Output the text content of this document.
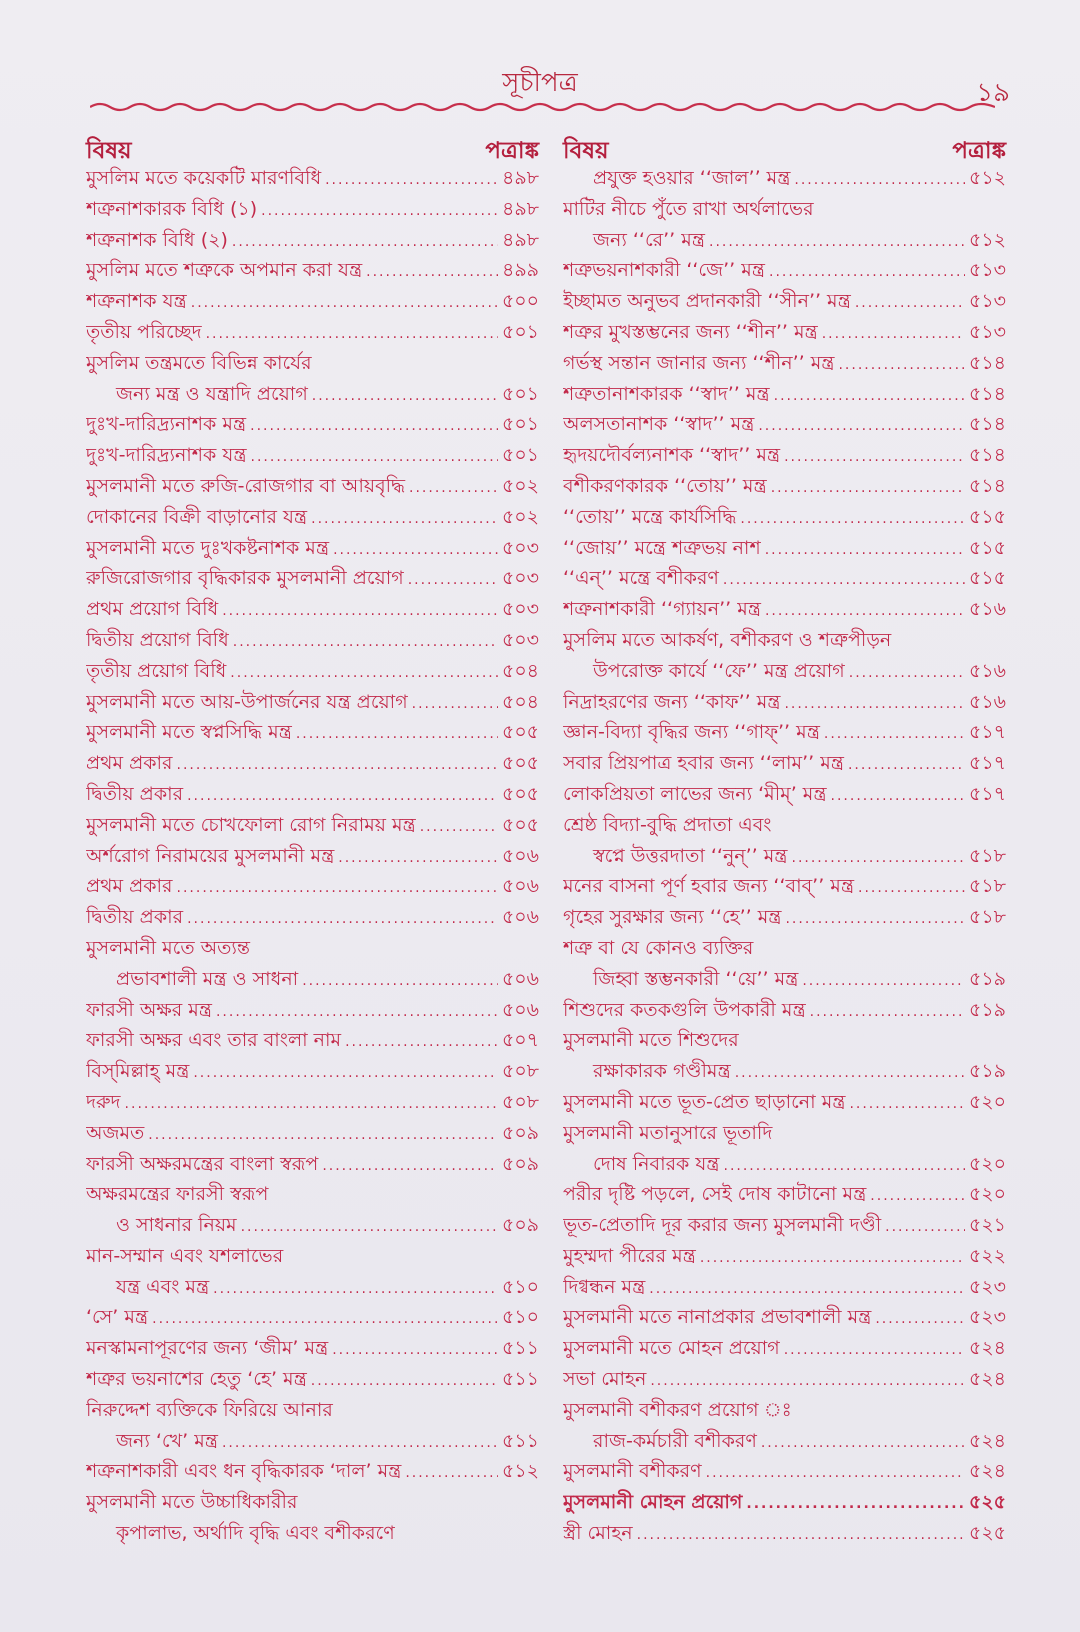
সূচীপত্র	১৯
বিষয়	পত্রাঙ্ক
মুসলিম মতে কয়েকটি মারণবিধি .....	৪৯৮
শত্রুনাশকারক বিধি (১) .....	৪৯৮
শত্রুনাশক বিধি (২) .....	৪৯৮
মুসলিম মতে শত্রুকে অপমান করা যন্ত্র .....	৪৯৯
শত্রুনাশক যন্ত্র .....	৫০০
তৃতীয় পরিচ্ছেদ .....	৫০১
মুসলিম তন্ত্রমতে বিভিন্ন কার্যের
জন্য মন্ত্র ও যন্ত্রাদি প্রয়োগ .....	৫০১
দুঃখ-দারিদ্র্যনাশক মন্ত্র .....	৫০১
দুঃখ-দারিদ্র্যনাশক যন্ত্র .....	৫০১
মুসলমানী মতে রুজি-রোজগার বা আয়বৃদ্ধি .....	৫০২
দোকানের বিক্রী বাড়ানোর যন্ত্র .....	৫০২
মুসলমানী মতে দুঃখকষ্টনাশক মন্ত্র .....	৫০৩
রুজিরোজগার বৃদ্ধিকারক মুসলমানী প্রয়োগ .....	৫০৩
প্রথম প্রয়োগ বিধি .....	৫০৩
দ্বিতীয় প্রয়োগ বিধি .....	৫০৩
তৃতীয় প্রয়োগ বিধি .....	৫০৪
মুসলমানী মতে আয়-উপার্জনের যন্ত্র প্রয়োগ .....	৫০৪
মুসলমানী মতে স্বপ্নসিদ্ধি মন্ত্র .....	৫০৫
প্রথম প্রকার .....	৫০৫
দ্বিতীয় প্রকার .....	৫০৫
মুসলমানী মতে চোখফোলা রোগ নিরাময় মন্ত্র .....	৫০৫
অর্শরোগ নিরাময়ের মুসলমানী মন্ত্র .....	৫০৬
প্রথম প্রকার .....	৫০৬
দ্বিতীয় প্রকার .....	৫০৬
মুসলমানী মতে অত্যন্ত
প্রভাবশালী মন্ত্র ও সাধনা .....	৫০৬
ফারসী অক্ষর মন্ত্র .....	৫০৬
ফারসী অক্ষর এবং তার বাংলা নাম .....	৫০৭
বিস্‌মিল্লাহ্ মন্ত্র .....	৫০৮
দরুদ .....	৫০৮
অজমত .....	৫০৯
ফারসী অক্ষরমন্ত্রের বাংলা স্বরূপ .....	৫০৯
অক্ষরমন্ত্রের ফারসী স্বরূপ
ও সাধনার নিয়ম .....	৫০৯
মান-সম্মান এবং যশলাভের
যন্ত্র এবং মন্ত্র .....	৫১০
‘সে’ মন্ত্র .....	৫১০
মনস্কামনাপূরণের জন্য ‘জীম’ মন্ত্র .....	৫১১
শত্রুর ভয়নাশের হেতু ‘হে’ মন্ত্র .....	৫১১
নিরুদ্দেশ ব্যক্তিকে ফিরিয়ে আনার
জন্য ‘খে’ মন্ত্র .....	৫১১
শত্রুনাশকারী এবং ধন বৃদ্ধিকারক ‘দাল’ মন্ত্র .....	৫১২
মুসলমানী মতে উচ্চাধিকারীর
কৃপালাভ, অর্থাদি বৃদ্ধি এবং বশীকরণে
বিষয়	পত্রাঙ্ক
প্রযুক্ত হওয়ার ‘‘জাল’’ মন্ত্র .....	৫১২
মাটির নীচে পুঁতে রাখা অর্থলাভের
জন্য ‘‘রে’’ মন্ত্র .....	৫১২
শত্রুভয়নাশকারী ‘‘জে’’ মন্ত্র .....	৫১৩
ইচ্ছামত অনুভব প্রদানকারী ‘‘সীন’’ মন্ত্র .....	৫১৩
শত্রুর মুখস্তম্ভনের জন্য ‘‘শীন’’ মন্ত্র .....	৫১৩
গর্ভস্থ সন্তান জানার জন্য ‘‘শীন’’ মন্ত্র .....	৫১৪
শত্রুতানাশকারক ‘‘স্বাদ’’ মন্ত্র .....	৫১৪
অলসতানাশক ‘‘স্বাদ’’ মন্ত্র .....	৫১৪
হৃদয়দৌর্বল্যনাশক ‘‘স্বাদ’’ মন্ত্র .....	৫১৪
বশীকরণকারক ‘‘তোয়’’ মন্ত্র .....	৫১৪
‘‘তোয়’’ মন্ত্রে কার্যসিদ্ধি .....	৫১৫
‘‘জোয়’’ মন্ত্রে শত্রুভয় নাশ .....	৫১৫
‘‘এন্’’ মন্ত্রে বশীকরণ .....	৫১৫
শত্রুনাশকারী ‘‘গ্যায়ন’’ মন্ত্র .....	৫১৬
মুসলিম মতে আকর্ষণ, বশীকরণ ও শত্রুপীড়ন
উপরোক্ত কার্যে ‘‘ফে’’ মন্ত্র প্রয়োগ .....	৫১৬
নিদ্রাহরণের জন্য ‘‘কাফ’’ মন্ত্র .....	৫১৬
জ্ঞান-বিদ্যা বৃদ্ধির জন্য ‘‘গাফ্’’ মন্ত্র .....	৫১৭
সবার প্রিয়পাত্র হবার জন্য ‘‘লাম’’ মন্ত্র .....	৫১৭
লোকপ্রিয়তা লাভের জন্য ‘মীম্’ মন্ত্র .....	৫১৭
শ্রেষ্ঠ বিদ্যা-বুদ্ধি প্রদাতা এবং
স্বপ্নে উত্তরদাতা ‘‘নুন্’’ মন্ত্র .....	৫১৮
মনের বাসনা পূর্ণ হবার জন্য ‘‘বাব্’’ মন্ত্র .....	৫১৮
গৃহের সুরক্ষার জন্য ‘‘হে’’ মন্ত্র .....	৫১৮
শত্রু বা যে কোনও ব্যক্তির
জিহ্বা স্তম্ভনকারী ‘‘য়ে’’ মন্ত্র .....	৫১৯
শিশুদের কতকগুলি উপকারী মন্ত্র .....	৫১৯
মুসলমানী মতে শিশুদের
রক্ষাকারক গণ্ডীমন্ত্র .....	৫১৯
মুসলমানী মতে ভূত-প্রেত ছাড়ানো মন্ত্র .....	৫২০
মুসলমানী মতানুসারে ভূতাদি
দোষ নিবারক যন্ত্র .....	৫২০
পরীর দৃষ্টি পড়লে, সেই দোষ কাটানো মন্ত্র .....	৫২০
ভূত-প্রেতাদি দূর করার জন্য মুসলমানী দণ্ডী .....	৫২১
মুহম্মদা পীরের মন্ত্র .....	৫২২
দিগ্বন্ধন মন্ত্র .....	৫২৩
মুসলমানী মতে নানাপ্রকার প্রভাবশালী মন্ত্র .....	৫২৩
মুসলমানী মতে মোহন প্রয়োগ .....	৫২৪
সভা মোহন .....	৫২৪
মুসলমানী বশীকরণ প্রয়োগ ঃ
রাজ-কর্মচারী বশীকরণ .....	৫২৪
মুসলমানী বশীকরণ .....	৫২৪
মুসলমানী মোহন প্রয়োগ .....	৫২৫
স্ত্রী মোহন .....	৫২৫
